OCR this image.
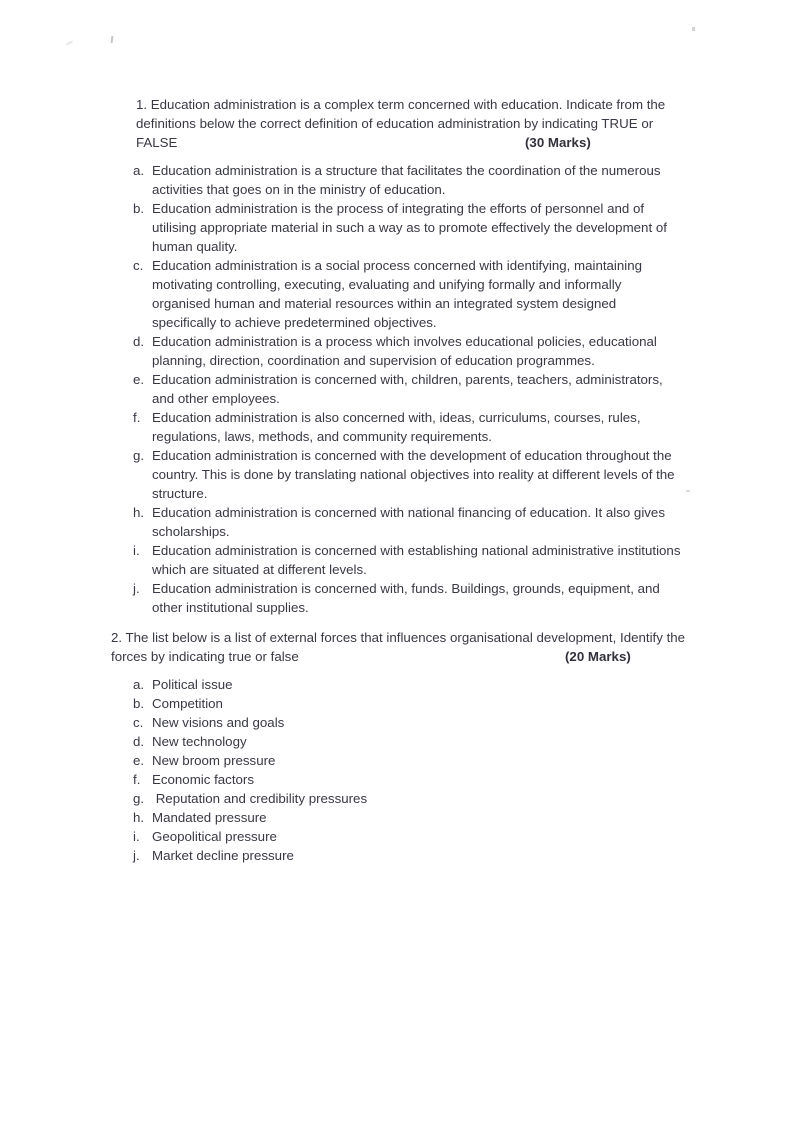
1. Education administration is a complex term concerned with education. Indicate from the definitions below the correct definition of education administration by indicating TRUE or FALSE	(30 Marks)

a. Education administration is a structure that facilitates the coordination of the numerous activities that goes on in the ministry of education.
b. Education administration is the process of integrating the efforts of personnel and of utilising appropriate material in such a way as to promote effectively the development of human quality.
c. Education administration is a social process concerned with identifying, maintaining motivating controlling, executing, evaluating and unifying formally and informally organised human and material resources within an integrated system designed specifically to achieve predetermined objectives.
d. Education administration is a process which involves educational policies, educational planning, direction, coordination and supervision of education programmes.
e. Education administration is concerned with, children, parents, teachers, administrators, and other employees.
f. Education administration is also concerned with, ideas, curriculums, courses, rules, regulations, laws, methods, and community requirements.
g. Education administration is concerned with the development of education throughout the country. This is done by translating national objectives into reality at different levels of the structure.
h. Education administration is concerned with national financing of education. It also gives scholarships.
i. Education administration is concerned with establishing national administrative institutions which are situated at different levels.
j. Education administration is concerned with, funds. Buildings, grounds, equipment, and other institutional supplies.

2. The list below is a list of external forces that influences organisational development, Identify the forces by indicating true or false	(20 Marks)

a. Political issue
b. Competition
c. New visions and goals
d. New technology
e. New broom pressure
f. Economic factors
g. Reputation and credibility pressures
h. Mandated pressure
i. Geopolitical pressure
j. Market decline pressure
